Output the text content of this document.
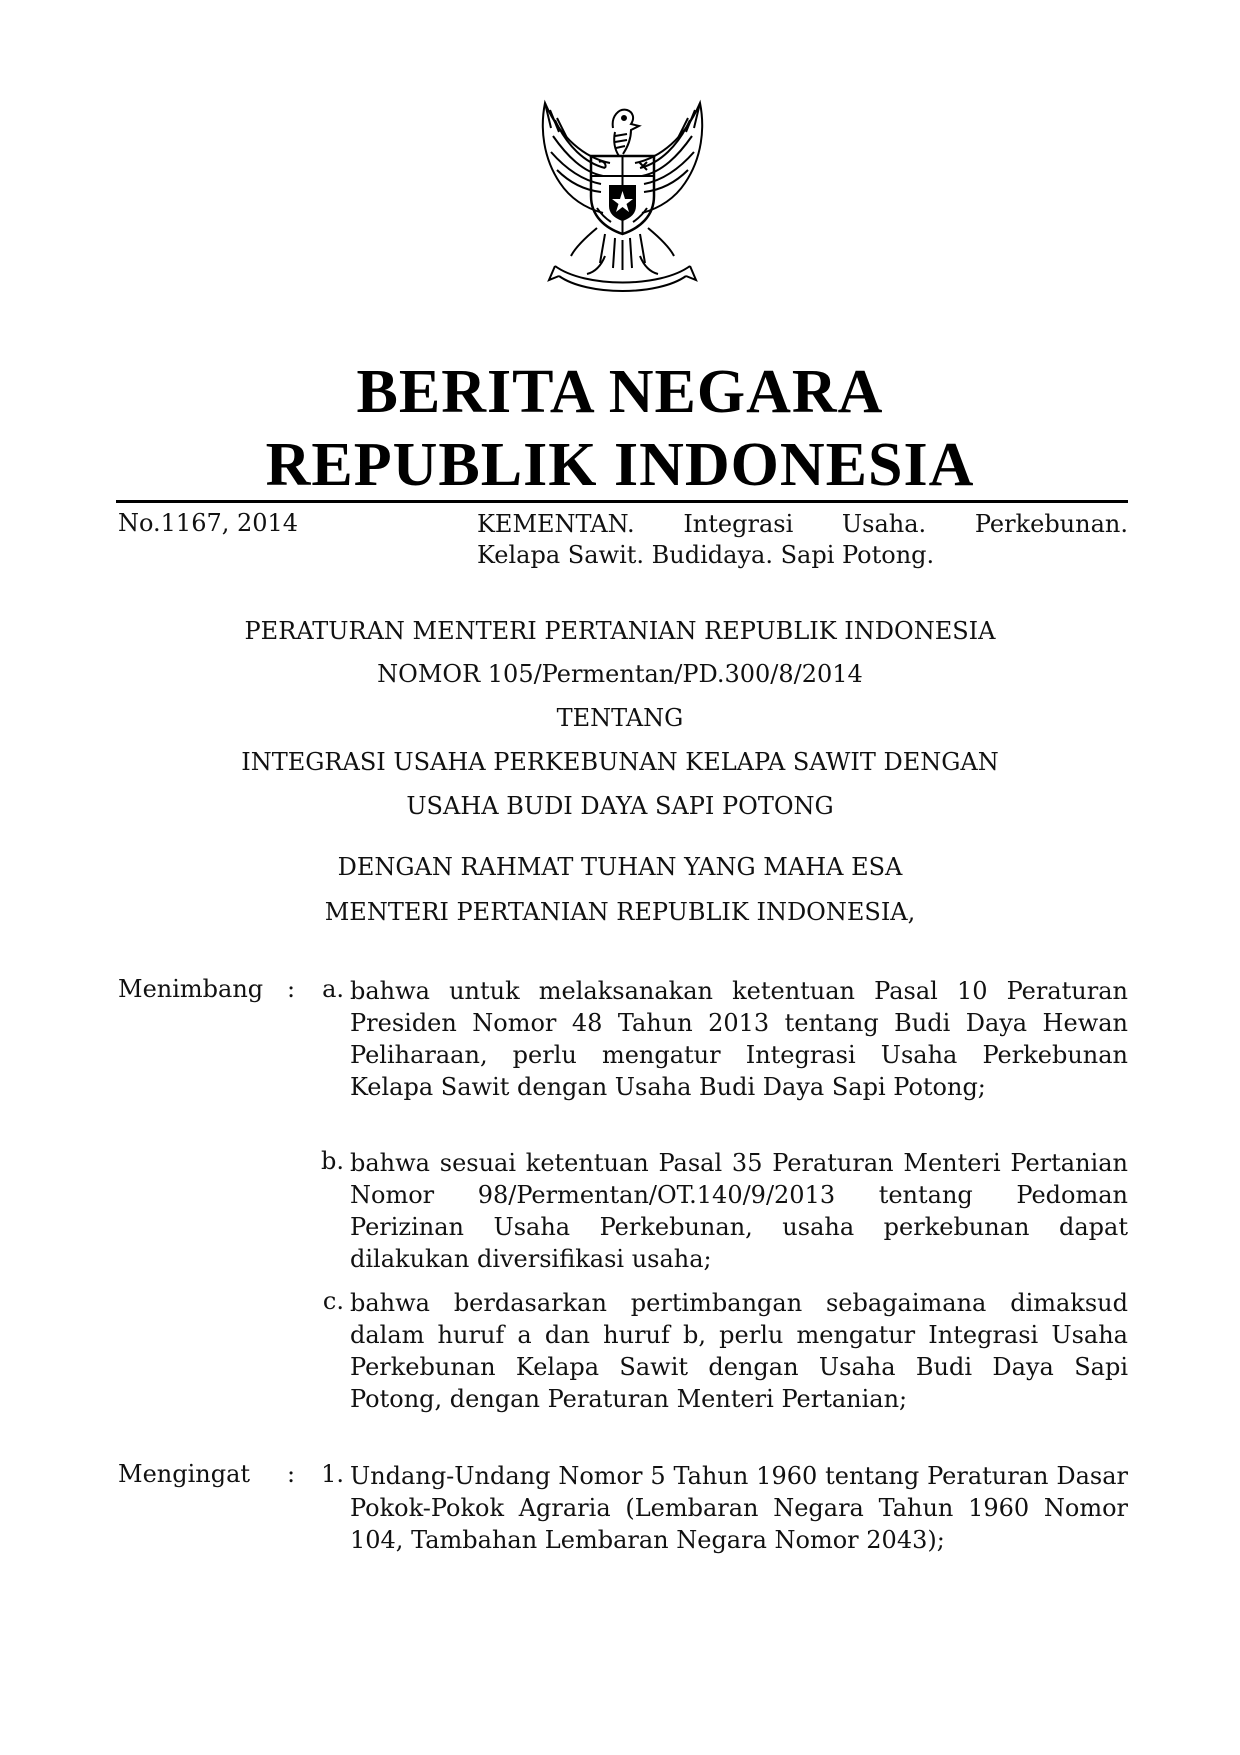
BERITA NEGARA
REPUBLIK INDONESIA
No.1167, 2014	KEMENTAN. Integrasi Usaha. Perkebunan.
Kelapa Sawit. Budidaya. Sapi Potong.
PERATURAN MENTERI PERTANIAN REPUBLIK INDONESIA
NOMOR 105/Permentan/PD.300/8/2014
TENTANG
INTEGRASI USAHA PERKEBUNAN KELAPA SAWIT DENGAN
USAHA BUDI DAYA SAPI POTONG
DENGAN RAHMAT TUHAN YANG MAHA ESA
MENTERI PERTANIAN REPUBLIK INDONESIA,
Menimbang :	a. bahwa untuk melaksanakan ketentuan Pasal 10 Peraturan Presiden Nomor 48 Tahun 2013 tentang Budi Daya Hewan Peliharaan, perlu mengatur Integrasi Usaha Perkebunan Kelapa Sawit dengan Usaha Budi Daya Sapi Potong;
b. bahwa sesuai ketentuan Pasal 35 Peraturan Menteri Pertanian Nomor 98/Permentan/OT.140/9/2013 tentang Pedoman Perizinan Usaha Perkebunan, usaha perkebunan dapat dilakukan diversifikasi usaha;
c. bahwa berdasarkan pertimbangan sebagaimana dimaksud dalam huruf a dan huruf b, perlu mengatur Integrasi Usaha Perkebunan Kelapa Sawit dengan Usaha Budi Daya Sapi Potong, dengan Peraturan Menteri Pertanian;
Mengingat :	1. Undang-Undang Nomor 5 Tahun 1960 tentang Peraturan Dasar Pokok-Pokok Agraria (Lembaran Negara Tahun 1960 Nomor 104, Tambahan Lembaran Negara Nomor 2043);
